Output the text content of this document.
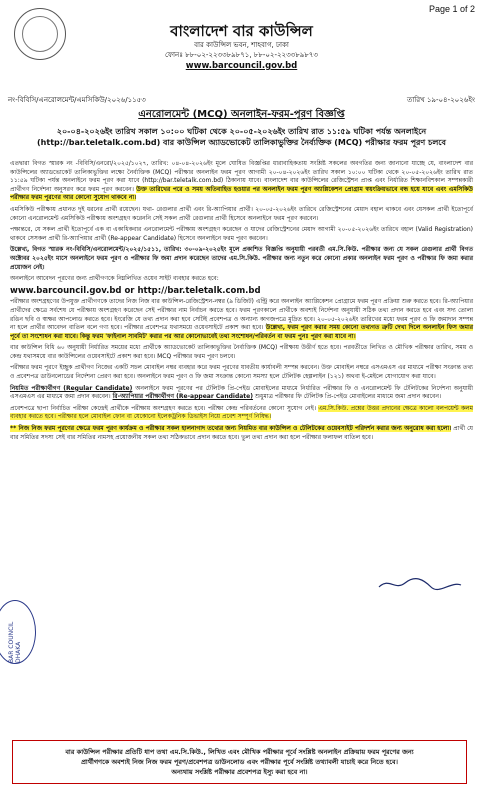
Page 1 of 2
বাংলাদেশ বার কাউন্সিল
বার কাউন্সিল ভবন, শাহবাগ, ঢাকা
ফোনঃ ৮৮-০২-২২৩৩৮৯৮৭১, ৮৮-০২-২২৩৩৮৯৮৭৩
www.barcouncil.gov.bd
নং-বিবিসি/এনরোলমেন্ট/এমসিকিউ/২০২৬/১১৫৩	তারিখ ১৯-০৪-২০২৬ইং
এনরোলমেন্ট (MCQ) অনলাইন-ফরম-পূরণ বিজ্ঞপ্তি
২০-০৪-২০২৬ইং তারিখ সকাল ১০:০০ ঘটিকা থেকে ২০-০৫-২০২৬ইং তারিখ রাত ১১:৫৯ ঘটিকা পর্যন্ত অনলাইনে
(http://bar.teletalk.com.bd) বার কাউন্সিল অ্যাডভোকেট তালিকাভুক্তির নৈর্ব্যক্তিক (MCQ) পরীক্ষার ফরম পূরণ চলবে

এতদ্বারা বিগত স্মারক নং -বিবিসি/এনরো/২০২৫/১০২৭, তারিখ: ০৪-০৪-২০২৬ইং মূলে ঘোষিত বিজ্ঞপ্তির ধারাবাহিকতায় সংশ্লিষ্ট সকলের অবগতির জন্য জানানো যাচ্ছে যে, বাংলাদেশ বার কাউন্সিলের অ্যাডভোকেট তালিকাভুক্তির লক্ষ্যে নৈর্ব্যক্তিক (MCQ) পরীক্ষার অনলাইন ফরম পূরণ আগামী ২০-০৪-২০২৬ইং তারিখ সকাল ১০:০০ ঘটিকা থেকে ২০-০৫-২০২৬ইং তারিখ রাত ১১:৫৯ ঘটিকা পর্যন্ত অনলাইনে ফরম পূরণ করা যাবে (http://bar.teletalk.com.bd) ঠিকানায় যাবে। বাংলাদেশ বার কাউন্সিলের রেজিস্ট্রেশন প্রাপ্ত এবং নির্ধারিত শিক্ষানবিশকাল সম্পন্নকারী প্রার্থীগণ নির্দেশনা অনুসরণ করে ফরম পূরণ করবেন। উক্ত তারিখের পরে ও সময় অতিবাহিত হওয়ার পর অনলাইন ফরম পূরণ অ্যাপ্লিকেশন প্রোগ্রাম স্বয়ংক্রিয়ভাবে বন্ধ হয়ে যাবে এবং এমসিকিউ পরীক্ষার ফরম পূরণের আর কোনো সুযোগ থাকবে না।

এমসিকিউ পরীক্ষায় প্রধানত দুই ধরনের প্রার্থী রয়েছেন। যথা- রেগুলার প্রার্থী এবং রি-অ্যাপিয়ার প্রার্থী। ২০-০৫-২০২৬ইং তারিখে রেজিস্ট্রেশনের মেয়াদ বহাল থাকবে এবং যেসকল প্রার্থী ইতোপূর্বে কোনো এনরোলমেন্ট এমসিকিউ পরীক্ষায় অংশগ্রহণ করেননি সেই সকল প্রার্থী রেগুলার প্রার্থী হিসেবে অনলাইনে ফরম পূরণ করবেন।

পক্ষান্তরে, যে সকল প্রার্থী ইতোপূর্বে এক বা একাধিকবার এনরোলমেন্ট পরীক্ষায় অংশগ্রহণ করেছেন ও যাদের রেজিস্ট্রেশনের মেয়াদ আগামী ২০-০৫-২০২৬ইং তারিখে বহাল (Valid Registration) থাকবে সেসকল প্রার্থী রি-অ্যাপিয়ার প্রার্থী (Re-appear Candidate) হিসেবে অনলাইনে ফরম পূরণ করবেন।

উল্লেখ্য, বিগত স্মারক নং-বিবিসি/এনরোলমেন্ট/২০২৫/১৫১১, তারিখ: ৩০-০৯-২০২৫ইং মূলে প্রকাশিত বিজ্ঞপ্তি অনুযায়ী পরবর্তী এম.সি.কিউ. পরীক্ষার জন্য যে সকল রেগুলার প্রার্থী বিগত অক্টোবর ২০২৫ইং মাসে অনলাইনে ফরম পূরণ ও পরীক্ষার ফি জমা প্রদান করেছেন তাদের এম.সি.কিউ. পরীক্ষার জন্য নতুন করে কোনো প্রকার অনলাইন ফরম পূরণ ও পরীক্ষার ফি জমা করার প্রয়োজন নেই।

অনলাইনে আবেদন পূরণের জন্য প্রার্থীগণকে নিম্নলিখিত ওয়েব সাইট ব্যবহার করতে হবে:

www.barcouncil.gov.bd or http://bar.teletalk.com.bd

পরীক্ষার অংশগ্রহণের উপযুক্ত প্রার্থীগণকে তাদের নিজ নিজ বার কাউন্সিল-রেজিস্ট্রেশন-নম্বর (৯ ডিজিট) এন্ট্রি করে অনলাইন অ্যাপ্লিকেশন প্রোগ্রামে ফরম পূরণ প্রক্রিয়া শুরু করতে হবে। রি-অ্যাপিয়ার প্রার্থীদের ক্ষেত্রে সর্বশেষ যে পরীক্ষায় অংশগ্রহণ করেছেন সেই পরীক্ষার নাম নির্বাচন করতে হবে। ফরম পূরণকালে প্রার্থীকে অবশ্যই নির্দেশনা অনুযায়ী সঠিক তথ্য প্রদান করতে হবে এবং সদ্য তোলা রঙিন ছবি ও স্বাক্ষর আপলোড করতে হবে। ইংরেজি যে তথ্য প্রদান করা হবে সেটিই প্রবেশপত্র ও অন্যান্য কাগজপত্রে মুদ্রিত হবে। ২০-০৫-২০২৬ইং তারিখের মধ্যে ফরম পূরণ ও ফি জমাদান সম্পন্ন না হলে প্রার্থীর আবেদন বাতিল বলে গণ্য হবে। পরীক্ষার প্রবেশপত্র যথাসময়ে ওয়েবসাইটে প্রকাশ করা হবে। উল্লেখ্য, ফরম পূরণ করার সময় কোনো তথ্যগত ত্রুটি দেখা দিলে অনলাইন ফিস জমার পূর্বে তা সংশোধন করা যাবে। কিন্তু ফরম 'ফাইনাল সাবমিট' করার পর আর কোনোভাবেই তথ্য সংশোধন/পরিবর্তন বা ফরম পুনঃ পূরণ করা যাবে না।

বার কাউন্সিল বিধি ৬০ অনুযায়ী নির্ধারিত সময়ের মধ্যে প্রার্থীকে অ্যাডভোকেট তালিকাভুক্তির নৈর্ব্যক্তিক (MCQ) পরীক্ষায় উত্তীর্ণ হতে হবে। পরবর্তীতে লিখিত ও মৌখিক পরীক্ষার তারিখ, সময় ও কেন্দ্র যথাসময়ে বার কাউন্সিলের ওয়েবসাইটে প্রকাশ করা হবে। MCQ পরীক্ষার ফরম পূরণ চলবে।

পরীক্ষার ফরম পূরণে ইচ্ছুক প্রার্থীগণ নিজের একটি সচল মোবাইল নম্বর ব্যবহার করে ফরম পূরণের যাবতীয় কার্যাবলী সম্পন্ন করবেন। উক্ত মোবাইল নম্বরে এসএমএস এর মাধ্যমে পরীক্ষা সংক্রান্ত তথ্য ও প্রবেশপত্র ডাউনলোডের নির্দেশনা প্রেরণ করা হবে। অনলাইনে ফরম পূরণ ও ফি জমা সংক্রান্ত কোনো সমস্যা হলে টেলিটক হেল্পলাইন (১২১) অথবা ই-মেইলে যোগাযোগ করা যাবে।

নিয়মিত পরীক্ষার্থীগণ (Regular Candidate) অনলাইনে ফরম পূরণের পর টেলিটক প্রি-পেইড মোবাইলের মাধ্যমে নির্ধারিত পরীক্ষার ফি ও এনরোলমেন্ট ফি টেলিটকের নির্দেশনা অনুযায়ী এসএমএস এর মাধ্যমে জমা প্রদান করবেন। রি-অ্যাপিয়ার পরীক্ষার্থীগণ (Re-appear Candidate) শুধুমাত্র পরীক্ষার ফি টেলিটক প্রি-পেইড মোবাইলের মাধ্যমে জমা প্রদান করবেন।

প্রবেশপত্রে ছাপা নির্বাচিত পরীক্ষা কেন্দ্রেই প্রার্থীকে পরীক্ষায় অংশগ্রহণ করতে হবে। পরীক্ষা কেন্দ্র পরিবর্তনের কোনো সুযোগ নেই। এম.সি.কিউ. প্রশ্নের উত্তর প্রদানের ক্ষেত্রে কালো বলপয়েন্ট কলম ব্যবহার করতে হবে। পরীক্ষার হলে মোবাইল ফোন বা যেকোনো ইলেকট্রনিক ডিভাইস নিয়ে প্রবেশ সম্পূর্ণ নিষিদ্ধ।

** নিজ নিজ ফরম পূরণের ক্ষেত্রে ফরম পূরণ কার্যক্রম ও পরীক্ষার সকল হালনাগাদ তথ্যের জন্য নিয়মিত বার কাউন্সিল ও টেলিটকের ওয়েবসাইট পরিদর্শন করার জন্য অনুরোধ করা হলো। প্রার্থী যে বার সমিতির সদস্য সেই বার সমিতির নামসহ প্রয়োজনীয় সকল তথ্য সঠিকভাবে প্রদান করতে হবে। ভুল তথ্য প্রদান করা হলে পরীক্ষার ফলাফল বাতিল হবে।

BAR COUNCIL DHAKA
বার কাউন্সিল পরীক্ষার প্রতিটি ধাপ তথা এম.সি.কিউ., লিখিত এবং মৌখিক পরীক্ষার পূর্বে সংশ্লিষ্ট অনলাইন প্রক্রিয়ায় ফরম পূরণের জন্য
প্রার্থীগণকে অবশ্যই নিজ নিজ ফরম পূরণ/প্রবেশপত্র ডাউনলোড এবং পরীক্ষার পূর্বে সংশ্লিষ্ট তথ্যাবলী যাচাই করে নিতে হবে।
অন্যথায় সংশ্লিষ্ট পরীক্ষার প্রবেশপত্র ইস্যু করা হবে না।
